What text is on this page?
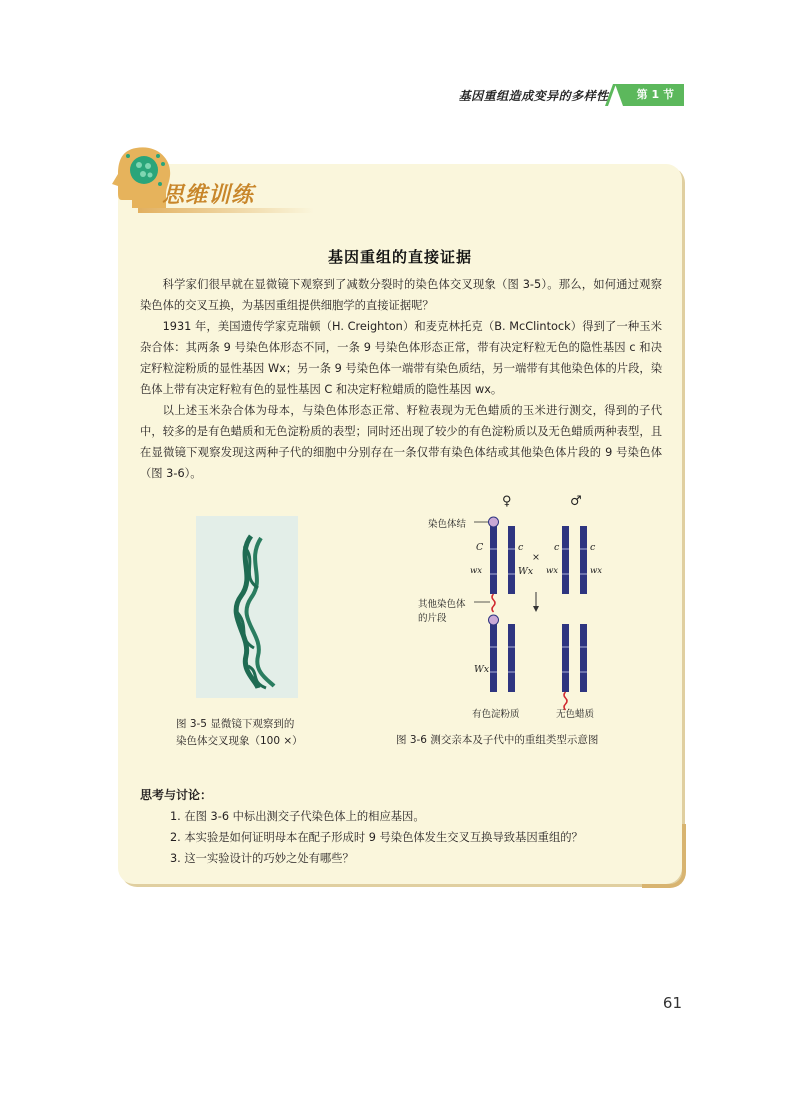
基因重组造成变异的多样性	第 1 节
思维训练
基因重组的直接证据

科学家们很早就在显微镜下观察到了减数分裂时的染色体交叉现象（图 3-5）。那么，如何通过观察染色体的交叉互换，为基因重组提供细胞学的直接证据呢？

1931 年，美国遗传学家克瑞顿（H. Creighton）和麦克林托克（B. McClintock）得到了一种玉米杂合体：其两条 9 号染色体形态不同，一条 9 号染色体形态正常，带有决定籽粒无色的隐性基因 c 和决定籽粒淀粉质的显性基因 Wx；另一条 9 号染色体一端带有染色质结，另一端带有其他染色体的片段，染色体上带有决定籽粒有色的显性基因 C 和决定籽粒蜡质的隐性基因 wx。

以上述玉米杂合体为母本，与染色体形态正常、籽粒表现为无色蜡质的玉米进行测交，得到的子代中，较多的是有色蜡质和无色淀粉质的表型；同时还出现了较少的有色淀粉质以及无色蜡质两种表型，且在显微镜下观察发现这两种子代的细胞中分别存在一条仅带有染色体结或其他染色体片段的 9 号染色体（图 3-6）。

图 3-5 显微镜下观察到的
染色体交叉现象（100 ×）
♀	♂
染色体结
C	c	c	c
×
wx	Wx wx	wx
其他染色体
的片段
Wx
有色淀粉质	无色蜡质
图 3-6 测交亲本及子代中的重组类型示意图
思考与讨论：
1. 在图 3-6 中标出测交子代染色体上的相应基因。
2. 本实验是如何证明母本在配子形成时 9 号染色体发生交叉互换导致基因重组的？
3. 这一实验设计的巧妙之处有哪些？
61
